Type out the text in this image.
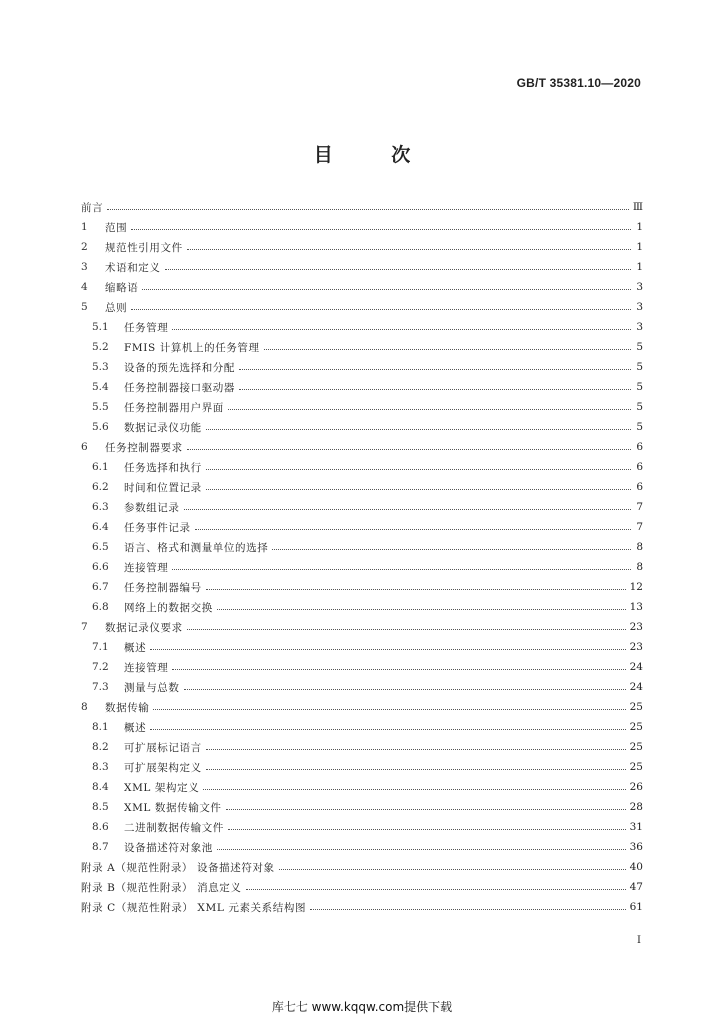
GB/T 35381.10—2020
目 次
前言	Ⅲ
1	范围	1
2	规范性引用文件	1
3	术语和定义	1
4	缩略语	3
5	总则	3
5.1	任务管理	3
5.2	FMIS 计算机上的任务管理	5
5.3	设备的预先选择和分配	5
5.4	任务控制器接口驱动器	5
5.5	任务控制器用户界面	5
5.6	数据记录仪功能	5
6	任务控制器要求	6
6.1	任务选择和执行	6
6.2	时间和位置记录	6
6.3	参数组记录	7
6.4	任务事件记录	7
6.5	语言、格式和测量单位的选择	8
6.6	连接管理	8
6.7	任务控制器编号	12
6.8	网络上的数据交换	13
7	数据记录仪要求	23
7.1	概述	23
7.2	连接管理	24
7.3	测量与总数	24
8	数据传输	25
8.1	概述	25
8.2	可扩展标记语言	25
8.3	可扩展架构定义	25
8.4	XML 架构定义	26
8.5	XML 数据传输文件	28
8.6	二进制数据传输文件	31
8.7	设备描述符对象池	36
附录 A（规范性附录） 设备描述符对象	40
附录 B（规范性附录） 消息定义	47
附录 C（规范性附录） XML 元素关系结构图	61
I
库七七 www.kqqw.com提供下载
